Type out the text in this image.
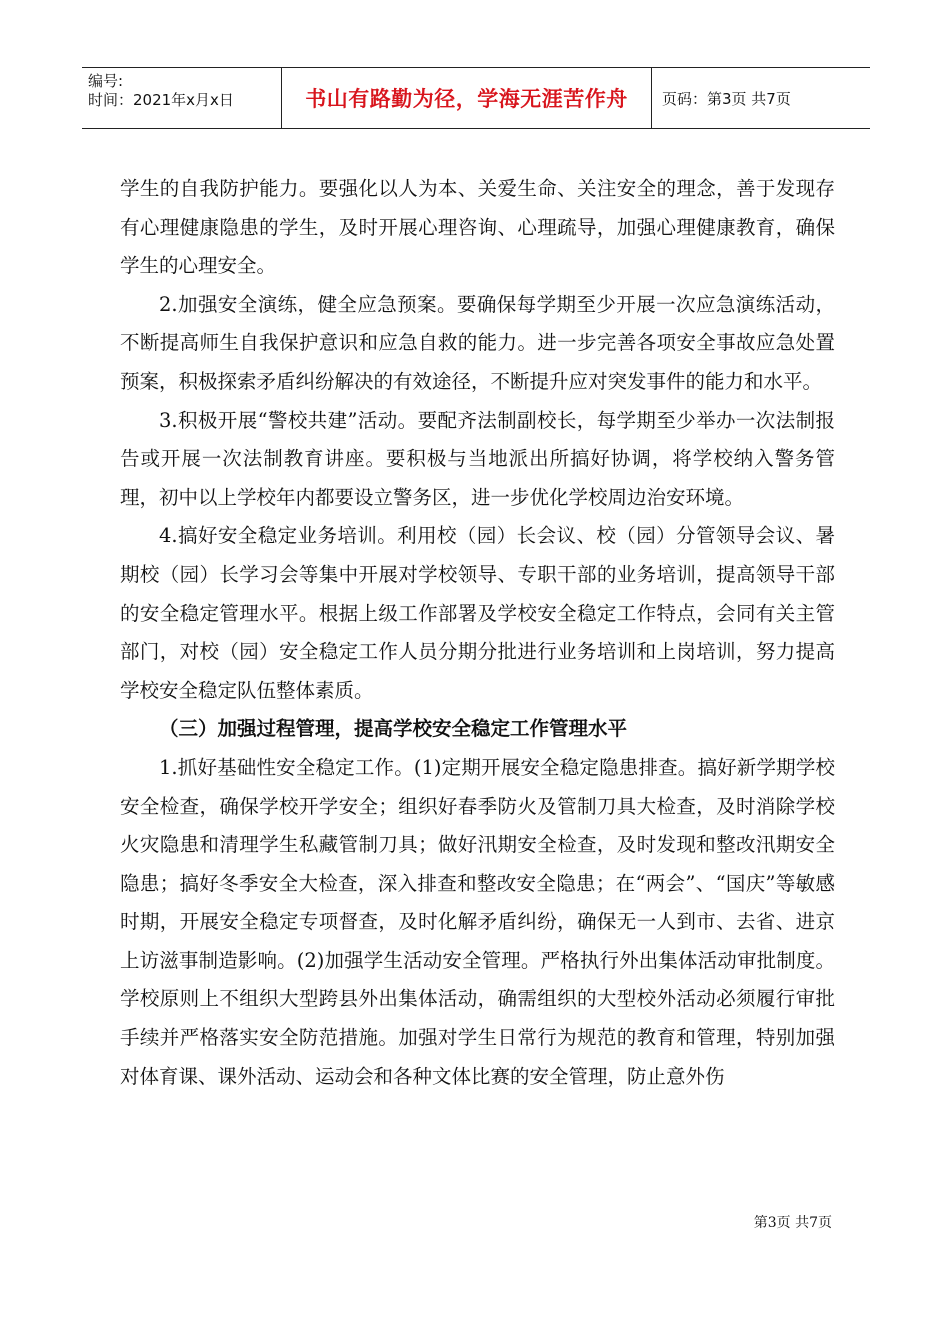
编号:
时间：2021年x月x日	书山有路勤为径，学海无涯苦作舟	页码：第3页 共7页

学生的自我防护能力。要强化以人为本、关爱生命、关注安全的理念，善于发现存有心理健康隐患的学生，及时开展心理咨询、心理疏导，加强心理健康教育，确保学生的心理安全。

2.加强安全演练，健全应急预案。要确保每学期至少开展一次应急演练活动，不断提高师生自我保护意识和应急自救的能力。进一步完善各项安全事故应急处置预案，积极探索矛盾纠纷解决的有效途径，不断提升应对突发事件的能力和水平。

3.积极开展“警校共建”活动。要配齐法制副校长，每学期至少举办一次法制报告或开展一次法制教育讲座。要积极与当地派出所搞好协调，将学校纳入警务管理，初中以上学校年内都要设立警务区，进一步优化学校周边治安环境。

4.搞好安全稳定业务培训。利用校（园）长会议、校（园）分管领导会议、暑期校（园）长学习会等集中开展对学校领导、专职干部的业务培训，提高领导干部的安全稳定管理水平。根据上级工作部署及学校安全稳定工作特点，会同有关主管部门，对校（园）安全稳定工作人员分期分批进行业务培训和上岗培训，努力提高学校安全稳定队伍整体素质。

（三）加强过程管理，提高学校安全稳定工作管理水平

1.抓好基础性安全稳定工作。(1)定期开展安全稳定隐患排查。搞好新学期学校安全检查，确保学校开学安全；组织好春季防火及管制刀具大检查，及时消除学校火灾隐患和清理学生私藏管制刀具；做好汛期安全检查，及时发现和整改汛期安全隐患；搞好冬季安全大检查，深入排查和整改安全隐患；在“两会”、“国庆”等敏感时期，开展安全稳定专项督查，及时化解矛盾纠纷，确保无一人到市、去省、进京上访滋事制造影响。(2)加强学生活动安全管理。严格执行外出集体活动审批制度。学校原则上不组织大型跨县外出集体活动，确需组织的大型校外活动必须履行审批手续并严格落实安全防范措施。加强对学生日常行为规范的教育和管理，特别加强对体育课、课外活动、运动会和各种文体比赛的安全管理，防止意外伤

第3页 共7页
